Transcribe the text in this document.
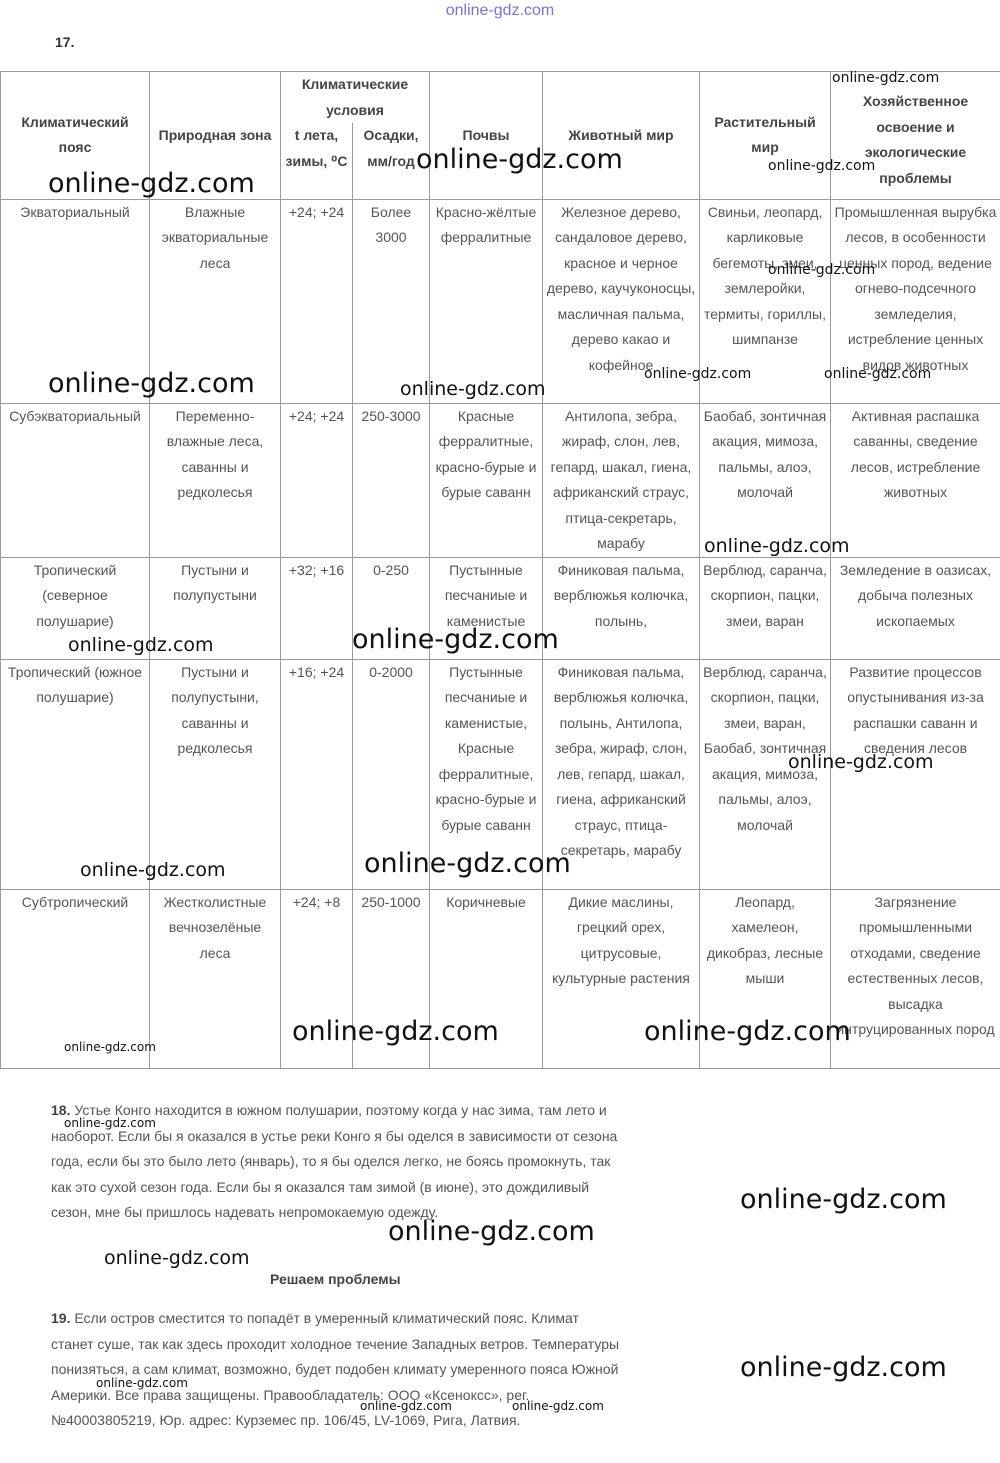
online-gdz.com
17.
Климатический пояс	Природная зона	Климатические условия		Почвы	Животный мир	Растительный мир	Хозяйственное освоение и экологические проблемы
		t лета, зимы, ⁰С	Осадки, мм/год				
Экваториальный	Влажные экваториальные леса	+24; +24	Более 3000	Красно-жёлтые ферралитные	Железное дерево, сандаловое дерево, красное и черное дерево, каучуконосцы, масличная пальма, дерево какао и кофейное	Свиньи, леопард, карликовые бегемоты, змеи, землеройки, термиты, гориллы, шимпанзе	Промышленная вырубка лесов, в особенности ценных пород, ведение огнево-подсечного земледелия, истребление ценных видов животных
Субэкваториальный	Переменно-влажные леса, саванны и редколесья	+24; +24	250-3000	Красные ферралитные, красно-бурые и бурые саванн	Антилопа, зебра, жираф, слон, лев, гепард, шакал, гиена, африканский страус, птица-секретарь, марабу	Баобаб, зонтичная акация, мимоза, пальмы, алоэ, молочай	Активная распашка саванны, сведение лесов, истребление животных
Тропический (северное полушарие)	Пустыни и полупустыни	+32; +16	0-250	Пустынные песчаниые и каменистые	Финиковая пальма, верблюжья колючка, полынь,	Верблюд, саранча, скорпион, пацки, змеи, варан	Земледение в оазисах, добыча полезных ископаемых
Тропический (южное полушарие)	Пустыни и полупустыни, саванны и редколесья	+16; +24	0-2000	Пустынные песчаниые и каменистые, Красные ферралитные, красно-бурые и бурые саванн	Финиковая пальма, верблюжья колючка, полынь, Антилопа, зебра, жираф, слон, лев, гепард, шакал, гиена, африканский страус, птица-секретарь, марабу	Верблюд, саранча, скорпион, пацки, змеи, варан, Баобаб, зонтичная акация, мимоза, пальмы, алоэ, молочай	Развитие процессов опустынивания из-за распашки саванн и сведения лесов
Субтропический	Жестколистные вечнозелёные леса	+24; +8	250-1000	Коричневые	Дикие маслины, грецкий орех, цитрусовые, культурные растения	Леопард, хамелеон, дикобраз, лесные мыши	Загрязнение промышленными отходами, сведение естественных лесов, высадка интруцированных пород
18. Устье Конго находится в южном полушарии, поэтому когда у нас зима, там лето и наоборот. Если бы я оказался в устье реки Конго я бы оделся в зависимости от сезона года, если бы это было лето (январь), то я бы оделся легко, не боясь промокнуть, так как это сухой сезон года. Если бы я оказался там зимой (в июне), это дождиливый сезон, мне бы пришлось надевать непромокаемую одежду.
Решаем проблемы
19. Если остров сместится то попадёт в умеренный климатический пояс. Климат станет суше, так как здесь проходит холодное течение Западных ветров. Температуры понизяться, а сам климат, возможно, будет подобен климату умеренного пояса Южной Америки. Все права защищены. Правообладатель: ООО «Ксеноксс», рег. №40003805219, Юр. адрес: Курземес пр. 106/45, LV-1069, Рига, Латвия.
online-gdz.com
online-gdz.com
online-gdz.com
online-gdz.com
online-gdz.com
online-gdz.com	online-gdz.com
online-gdz.com	online-gdz.com
online-gdz.com
online-gdz.com	online-gdz.com
online-gdz.com
online-gdz.com	online-gdz.com
online-gdz.com	online-gdz.com	online-gdz.com
online-gdz.com
online-gdz.com
online-gdz.com
online-gdz.com
online-gdz.com
online-gdz.com
online-gdz.com	online-gdz.com
